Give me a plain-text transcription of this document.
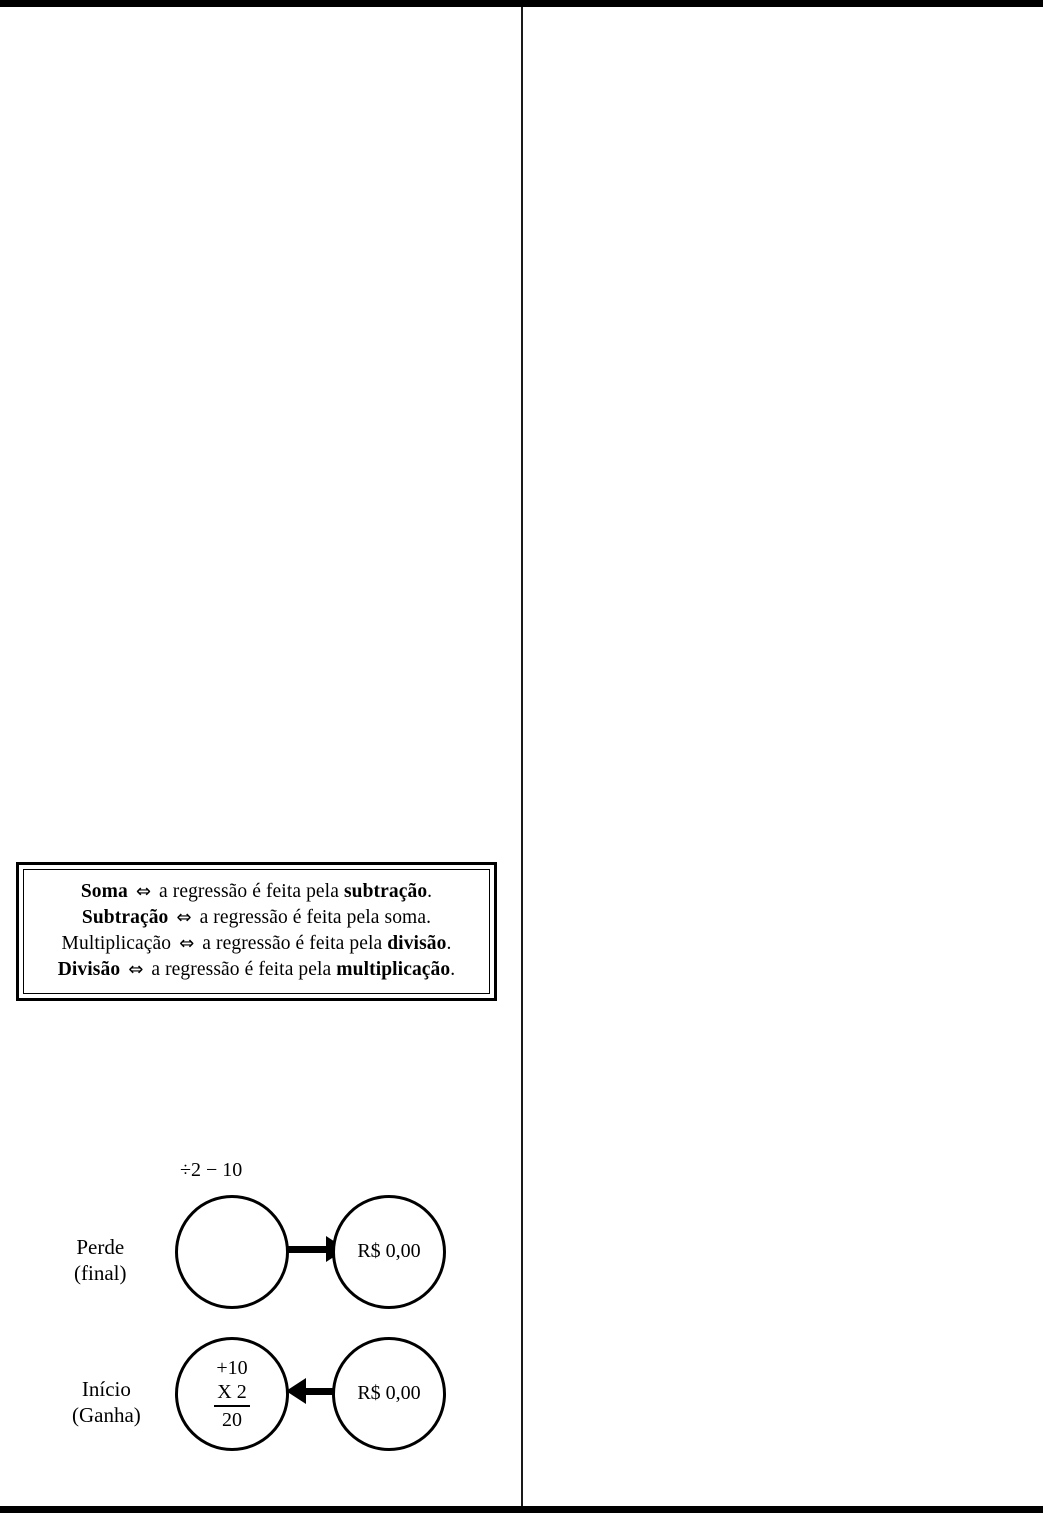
Soma ⇔ a regressão é feita pela subtração.
Subtração ⇔ a regressão é feita pela soma.
Multiplicação ⇔ a regressão é feita pela divisão.
Divisão ⇔ a regressão é feita pela multiplicação.
÷2 − 10
Perde
(final)
R$ 0,00
Início
(Ganha)
+10
X 2
20
R$ 0,00
